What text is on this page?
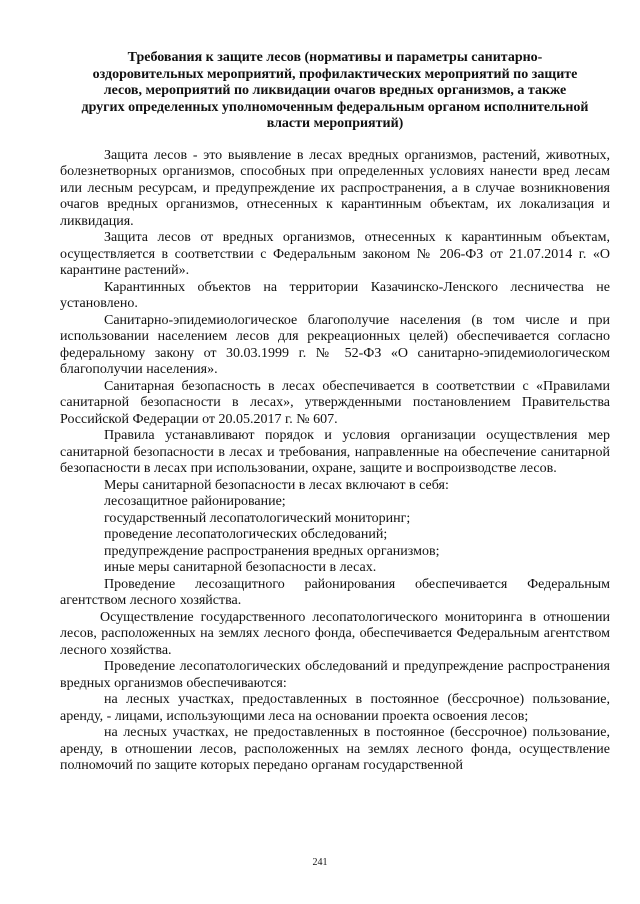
Требования к защите лесов (нормативы и параметры санитарно-
оздоровительных мероприятий, профилактических мероприятий по защите
лесов, мероприятий по ликвидации очагов вредных организмов, а также
других определенных уполномоченным федеральным органом исполнительной
власти мероприятий)

Защита лесов - это выявление в лесах вредных организмов, растений, животных, болезнетворных организмов, способных при определенных условиях нанести вред лесам или лесным ресурсам, и предупреждение их распространения, а в случае возникновения очагов вредных организмов, отнесенных к карантинным объектам, их локализация и ликвидация.

Защита лесов от вредных организмов, отнесенных к карантинным объектам, осуществляется в соответствии с Федеральным законом № 206-ФЗ от 21.07.2014 г. «О карантине растений».

Карантинных объектов на территории Казачинско-Ленского лесничества не установлено.

Санитарно-эпидемиологическое благополучие населения (в том числе и при использовании населением лесов для рекреационных целей) обеспечивается согласно федеральному закону от 30.03.1999 г. № 52-ФЗ «О санитарно-эпидемиологическом благополучии населения».

Санитарная безопасность в лесах обеспечивается в соответствии с «Правилами санитарной безопасности в лесах», утвержденными постановлением Правительства Российской Федерации от 20.05.2017 г. № 607.

Правила устанавливают порядок и условия организации осуществления мер санитарной безопасности в лесах и требования, направленные на обеспечение санитарной безопасности в лесах при использовании, охране, защите и воспроизводстве лесов.

Меры санитарной безопасности в лесах включают в себя:

лесозащитное районирование;

государственный лесопатологический мониторинг;

проведение лесопатологических обследований;

предупреждение распространения вредных организмов;

иные меры санитарной безопасности в лесах.

Проведение лесозащитного районирования обеспечивается Федеральным агентством лесного хозяйства.

Осуществление государственного лесопатологического мониторинга в отношении лесов, расположенных на землях лесного фонда, обеспечивается Федеральным агентством лесного хозяйства.

Проведение лесопатологических обследований и предупреждение распространения вредных организмов обеспечиваются:

на лесных участках, предоставленных в постоянное (бессрочное) пользование, аренду, - лицами, использующими леса на основании проекта освоения лесов;

на лесных участках, не предоставленных в постоянное (бессрочное) пользование, аренду, в отношении лесов, расположенных на землях лесного фонда, осуществление полномочий по защите которых передано органам государственной

241
